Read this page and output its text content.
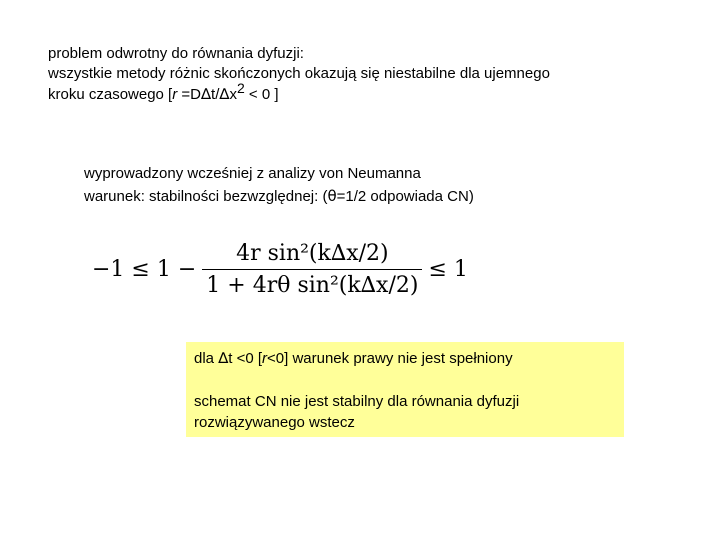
problem odwrotny do równania dyfuzji:
wszystkie metody różnic skończonych okazują się niestabilne dla ujemnego
kroku czasowego [r =D∆t/∆x2 < 0 ]
wyprowadzony wcześniej z analizy von Neumanna
warunek: stabilności bezwzględnej: (θ=1/2 odpowiada CN)
$-1 \le 1 - \frac{\text{4r sin²(k∆x/2)}}{\text{1 + 4rθ sin²(k∆x/2)}} \le 1$
dla ∆t <0 [r<0] warunek prawy nie jest spełniony
schemat CN nie jest stabilny dla równania dyfuzji rozwiązywanego wstecz
